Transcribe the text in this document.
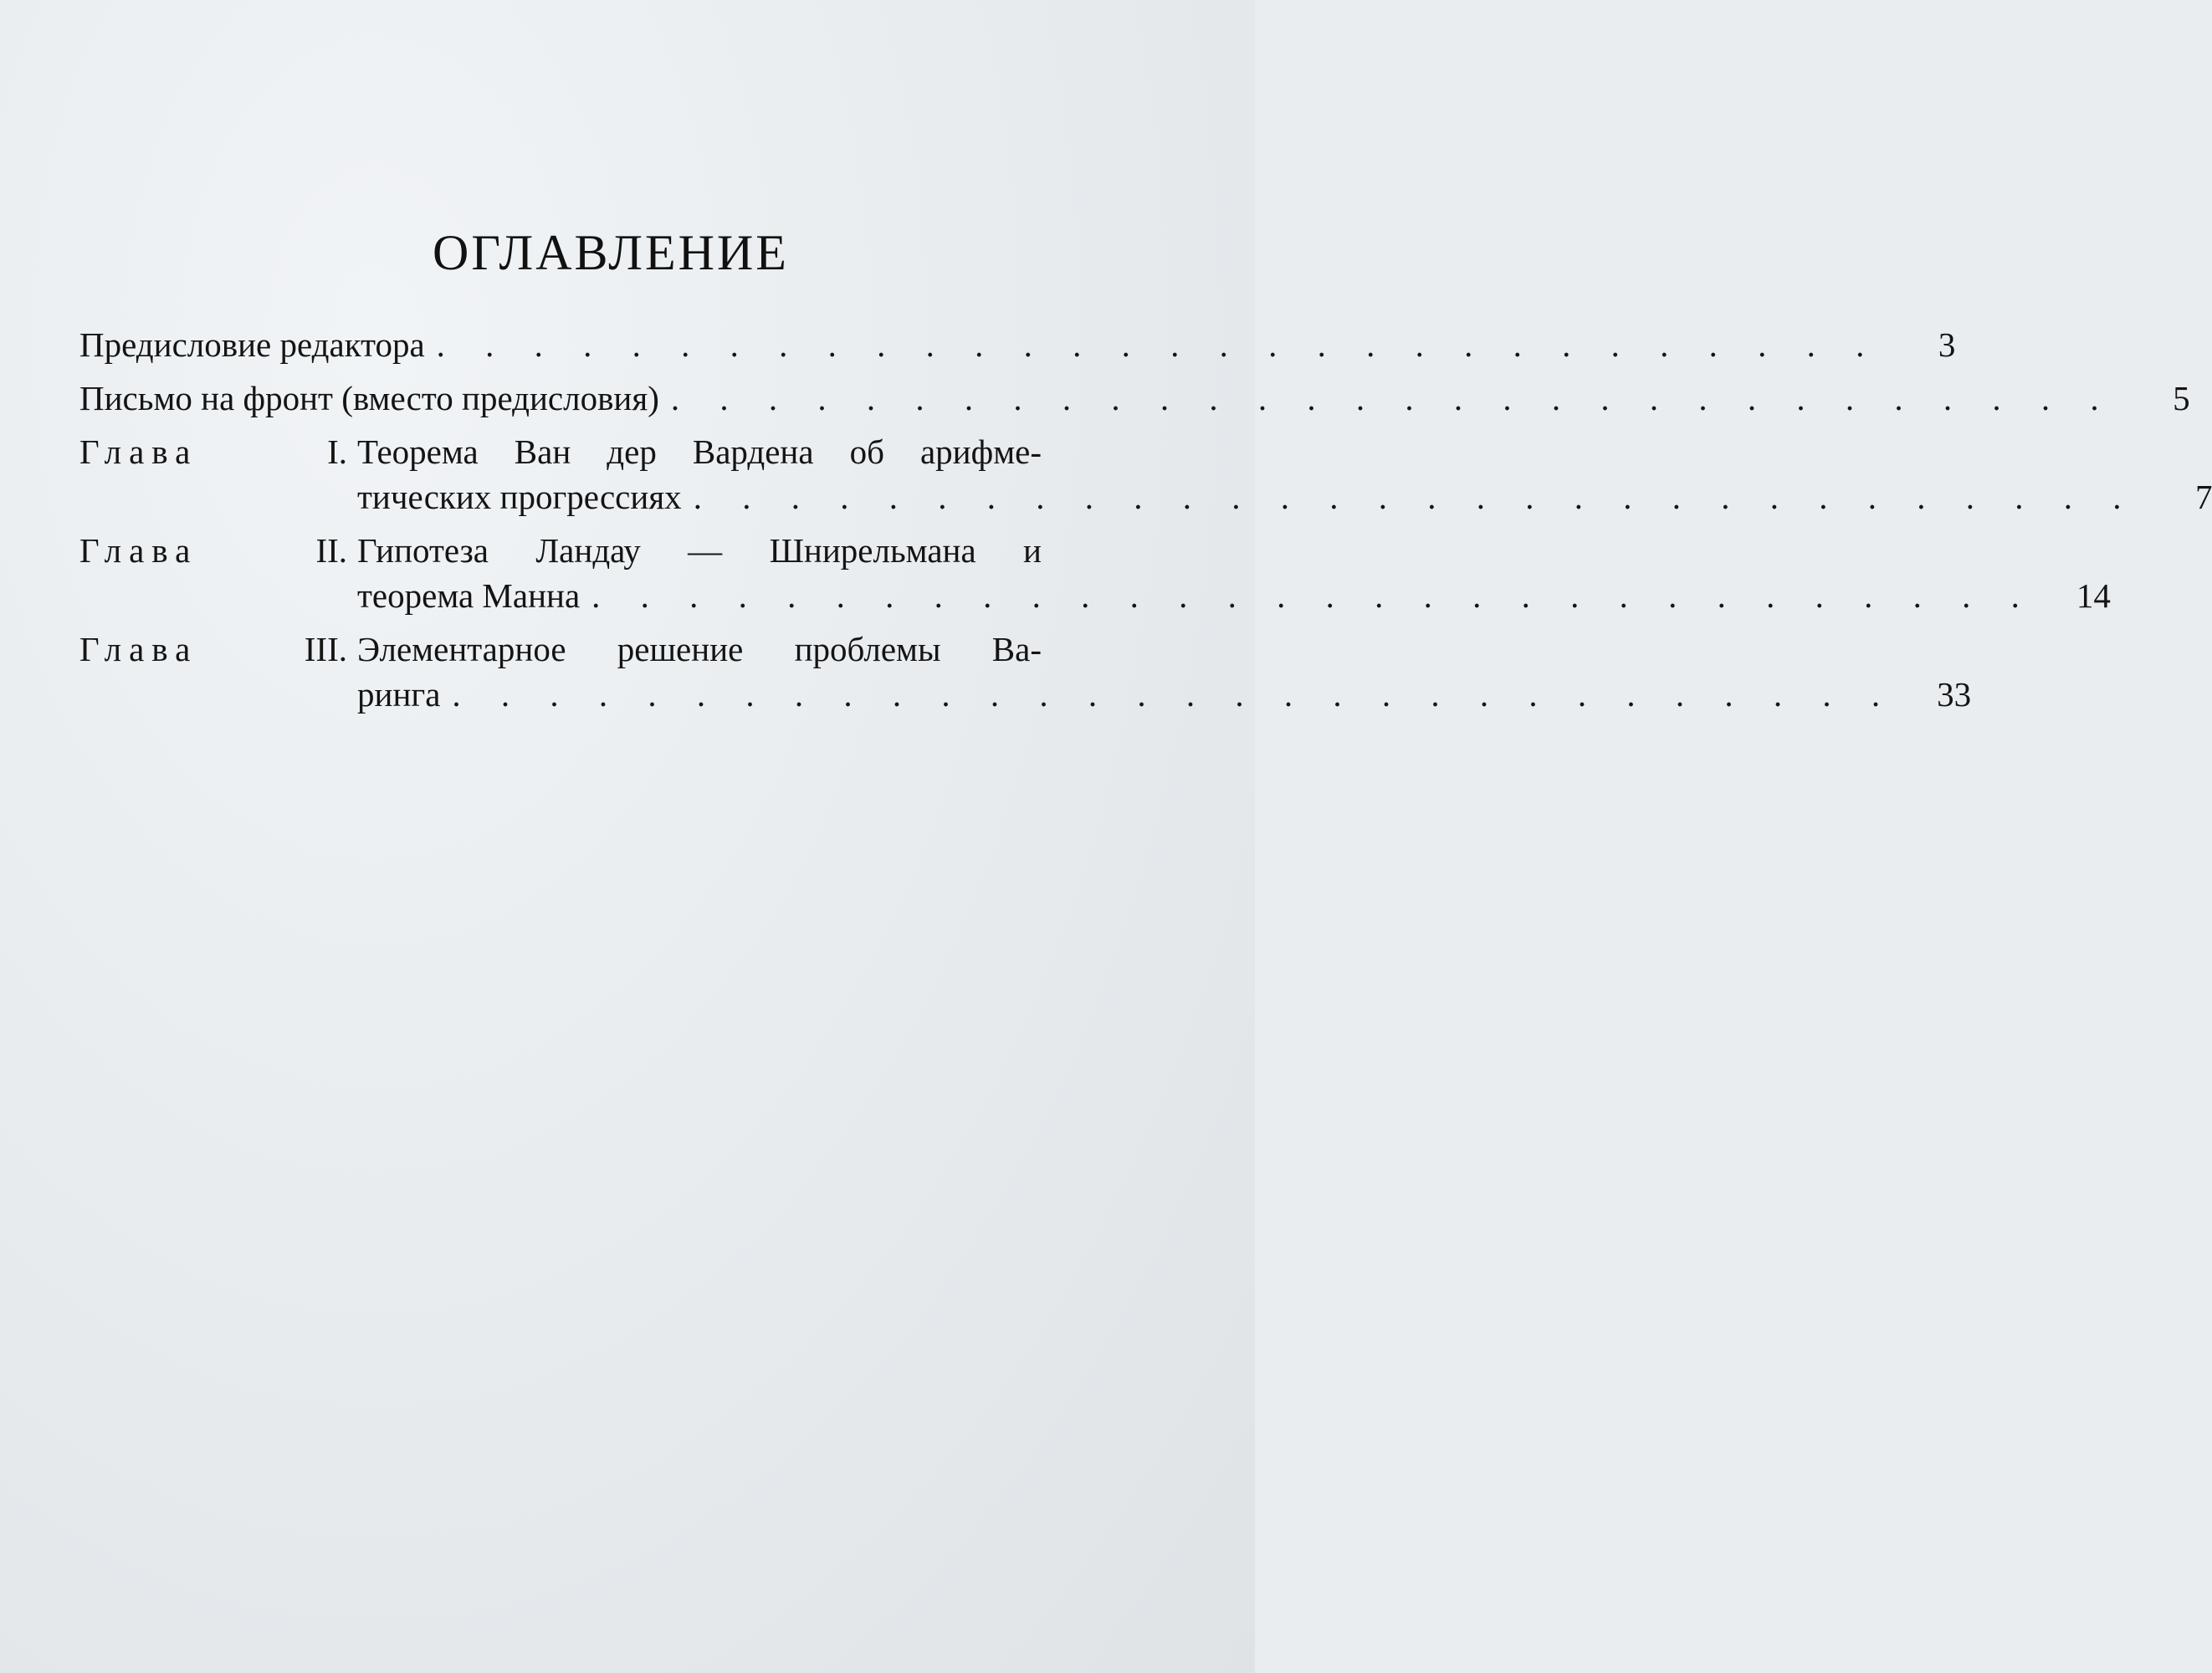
ОГЛАВЛЕНИЕ
Предисловие редактора . . . . . . . . . . . . . . . . . . . . . . . . . . . . . .	3
Письмо на фронт (вместо предисловия) . . . . . . . . . . . . . . . . . . . . . . . . . . . . . .	5
Глава	I. Теорема Ван дер Вардена об арифме-
тических прогрессиях . . . . . . . . . . . . . . . . . . . . . . . . . . . . . .	7
Глава	II. Гипотеза Ландау — Шнирельмана и
теорема Манна . . . . . . . . . . . . . . . . . . . . . . . . . . . . . .	14
Глава	III. Элементарное решение проблемы Ва-
ринга . . . . . . . . . . . . . . . . . . . . . . . . . . . . . .	33
